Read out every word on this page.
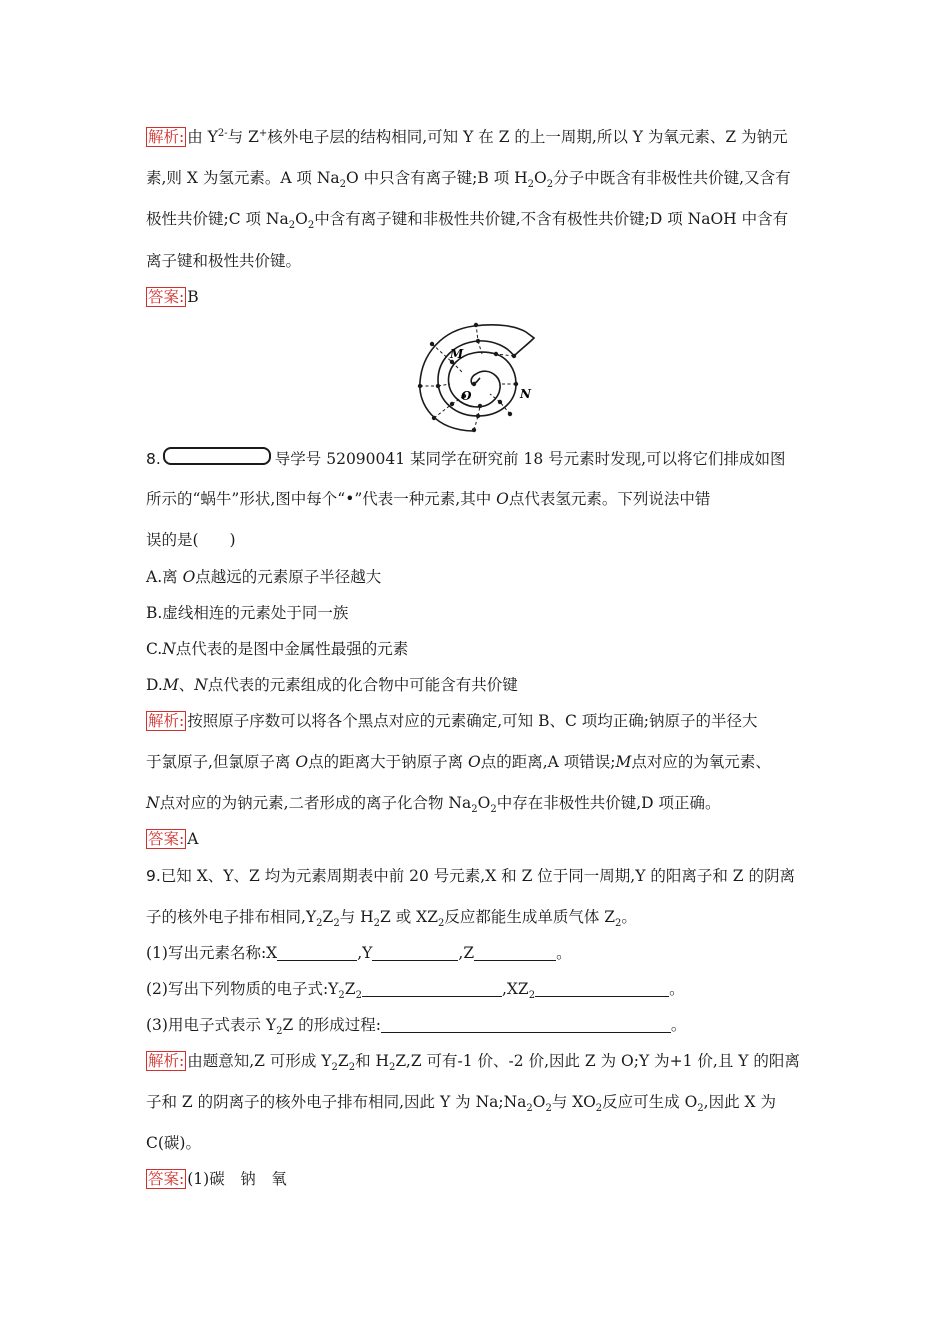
解析: 由 $Y^{2-}$与 Z+核外电子层的结构相同,可知 Y 在 Z 的上一周期,所以 Y 为氧元素、Z 为钠元
素,则 X 为氢元素。A 项 $Na_2O$ 中只含有离子键;B 项 $H_2O_2$分子中既含有非极性共价键,又含有
极性共价键;C 项 $Na_2O_2$中含有离子键和非极性共价键,不含有极性共价键;D 项 NaOH 中含有
离子键和极性共价键。
答案: B
M
O	N
8.	导学号 52090041 某同学在研究前 18 号元素时发现,可以将它们排成如图
所示的“蜗牛”形状,图中每个“•”代表一种元素,其中 O点代表氢元素。下列说法中错
误的是(　　)
A.离 O点越远的元素原子半径越大
B.虚线相连的元素处于同一族
C.N点代表的是图中金属性最强的元素
D.M、N点代表的元素组成的化合物中可能含有共价键
解析: 按照原子序数可以将各个黑点对应的元素确定,可知 B、C 项均正确;钠原子的半径大
于氯原子,但氯原子离 O点的距离大于钠原子离 O点的距离,A 项错误;M点对应的为氧元素、
N点对应的为钠元素,二者形成的离子化合物 $Na_2O_2$中存在非极性共价键,D 项正确。
答案: A
9.已知 X、Y、Z 均为元素周期表中前 20 号元素,X 和 Z 位于同一周期,Y 的阳离子和 Z 的阴离
子的核外电子排布相同$,Y_2Z_2$与 $H_2Z$ 或 $XZ_2$反应都能生成单质气体 $Z_2$。
(1)写出元素名称:X	,Y	,Z	。
(2)写出下列物质的电子式$:Y_2Z_2$	$,XZ_2$	。
(3)用电子式表示 $Y_2Z$ 的形成过程:	。
解析: 由题意知,Z 可形成 $Y_2Z_2$和 $H_2Z,Z$ 可有-1 价、-2 价,因此 Z 为 O;Y 为+1 价,且 Y 的阳离
子和 Z 的阴离子的核外电子排布相同,因此 Y 为 $Na;Na_2O_2$与 $XO_2$反应可生成 $O_2$,因此 X 为
C(碳)。
答案: (1)碳　钠　氧
